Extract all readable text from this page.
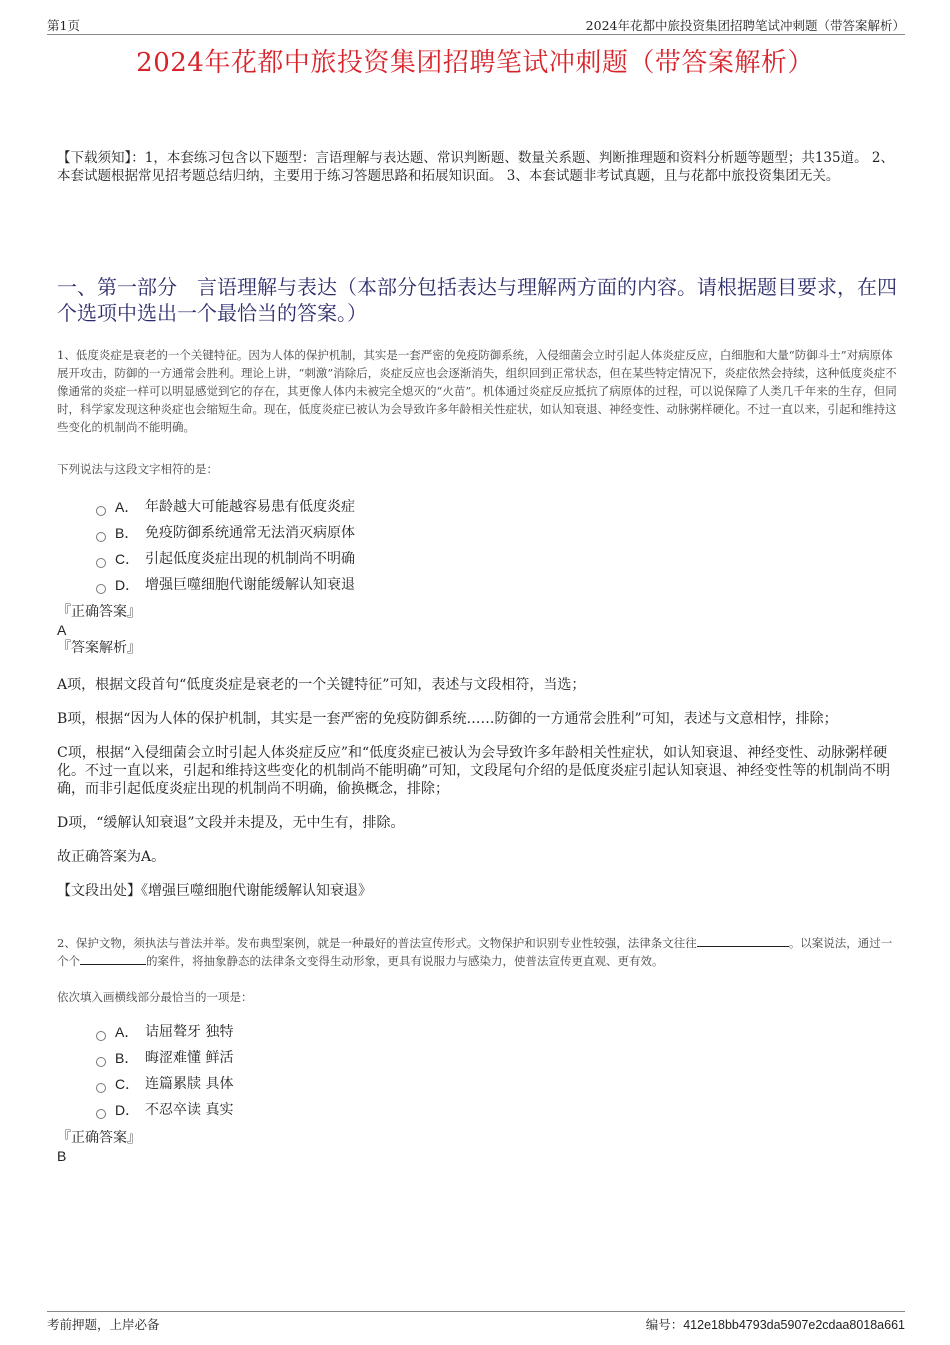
第1页	2024年花都中旅投资集团招聘笔试冲刺题（带答案解析）
2024年花都中旅投资集团招聘笔试冲刺题（带答案解析）
【下载须知】：1，本套练习包含以下题型：言语理解与表达题、常识判断题、数量关系题、判断推理题和资料分析题等题型；共135道。 2、本套试题根据常见招考题总结归纳，主要用于练习答题思路和拓展知识面。 3、本套试题非考试真题，且与花都中旅投资集团无关。
一、第一部分　言语理解与表达（本部分包括表达与理解两方面的内容。请根据题目要求，在四个选项中选出一个最恰当的答案。）
1、低度炎症是衰老的一个关键特征。因为人体的保护机制，其实是一套严密的免疫防御系统，入侵细菌会立时引起人体炎症反应，白细胞和大量“防御斗士”对病原体展开攻击，防御的一方通常会胜利。理论上讲，“刺激”消除后，炎症反应也会逐渐消失，组织回到正常状态，但在某些特定情况下，炎症依然会持续，这种低度炎症不像通常的炎症一样可以明显感觉到它的存在，其更像人体内未被完全熄灭的“火苗”。机体通过炎症反应抵抗了病原体的过程，可以说保障了人类几千年来的生存，但同时，科学家发现这种炎症也会缩短生命。现在，低度炎症已被认为会导致许多年龄相关性症状，如认知衰退、神经变性、动脉粥样硬化。不过一直以来，引起和维持这些变化的机制尚不能明确。
下列说法与这段文字相符的是：
A． 年龄越大可能越容易患有低度炎症
B． 免疫防御系统通常无法消灭病原体
C． 引起低度炎症出现的机制尚不明确
D． 增强巨噬细胞代谢能缓解认知衰退
『正确答案』
A
『答案解析』

A项，根据文段首句“低度炎症是衰老的一个关键特征”可知，表述与文段相符，当选；

B项，根据“因为人体的保护机制，其实是一套严密的免疫防御系统……防御的一方通常会胜利”可知，表述与文意相悖，排除；

C项，根据“入侵细菌会立时引起人体炎症反应”和“低度炎症已被认为会导致许多年龄相关性症状，如认知衰退、神经变性、动脉粥样硬化。不过一直以来，引起和维持这些变化的机制尚不能明确”可知，文段尾句介绍的是低度炎症引起认知衰退、神经变性等的机制尚不明确，而非引起低度炎症出现的机制尚不明确，偷换概念，排除；

D项，“缓解认知衰退”文段并未提及，无中生有，排除。

故正确答案为A。

【文段出处】《增强巨噬细胞代谢能缓解认知衰退》

2、保护文物，须执法与普法并举。发布典型案例，就是一种最好的普法宣传形式。文物保护和识别专业性较强，法律条文往往	。以案说法，通过一个个	的案件，将抽象静态的法律条文变得生动形象，更具有说服力与感染力，使普法宣传更直观、更有效。
依次填入画横线部分最恰当的一项是：
A． 诘屈聱牙 独特
B． 晦涩难懂 鲜活
C． 连篇累牍 具体
D． 不忍卒读 真实
『正确答案』
B
考前押题，上岸必备	编号：412e18bb4793da5907e2cdaa8018a661
